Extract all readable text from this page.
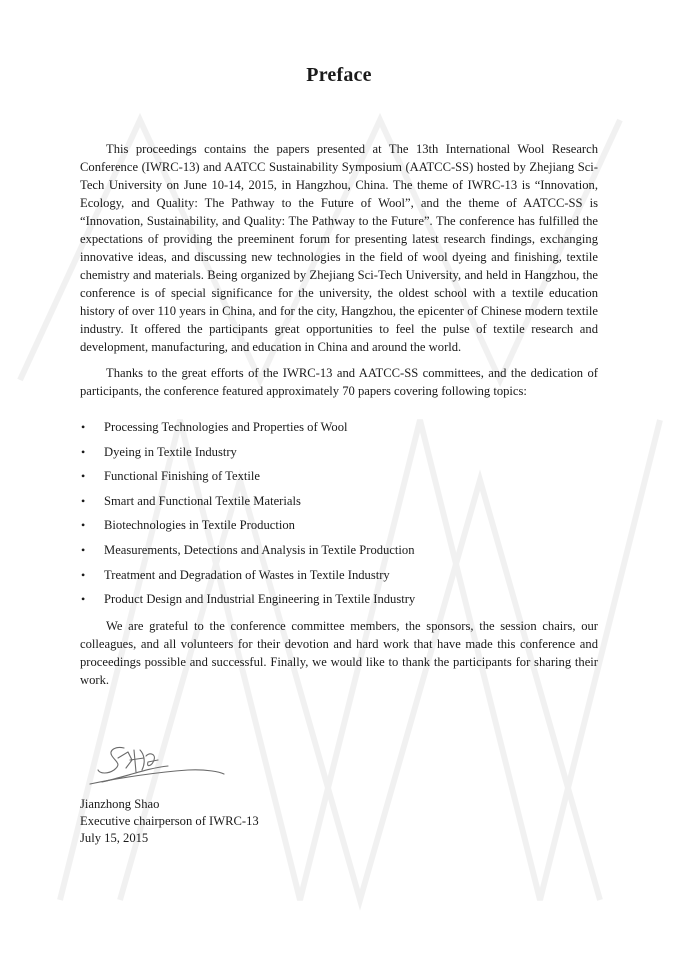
Preface

This proceedings contains the papers presented at The 13th International Wool Research Conference (IWRC-13) and AATCC Sustainability Symposium (AATCC-SS) hosted by Zhejiang Sci-Tech University on June 10-14, 2015, in Hangzhou, China. The theme of IWRC-13 is “Innovation, Ecology, and Quality: The Pathway to the Future of Wool”, and the theme of AATCC-SS is “Innovation, Sustainability, and Quality: The Pathway to the Future”. The conference has fulfilled the expectations of providing the preeminent forum for presenting latest research findings, exchanging innovative ideas, and discussing new technologies in the field of wool dyeing and finishing, textile chemistry and materials. Being organized by Zhejiang Sci-Tech University, and held in Hangzhou, the conference is of special significance for the university, the oldest school with a textile education history of over 110 years in China, and for the city, Hangzhou, the epicenter of Chinese modern textile industry. It offered the participants great opportunities to feel the pulse of textile research and development, manufacturing, and education in China and around the world.

Thanks to the great efforts of the IWRC-13 and AATCC-SS committees, and the dedication of participants, the conference featured approximately 70 papers covering following topics:

• Processing Technologies and Properties of Wool
• Dyeing in Textile Industry
• Functional Finishing of Textile
• Smart and Functional Textile Materials
• Biotechnologies in Textile Production
• Measurements, Detections and Analysis in Textile Production
• Treatment and Degradation of Wastes in Textile Industry
• Product Design and Industrial Engineering in Textile Industry

We are grateful to the conference committee members, the sponsors, the session chairs, our colleagues, and all volunteers for their devotion and hard work that have made this conference and proceedings possible and successful. Finally, we would like to thank the participants for sharing their work.

Jianzhong Shao
Executive chairperson of IWRC-13
July 15, 2015
